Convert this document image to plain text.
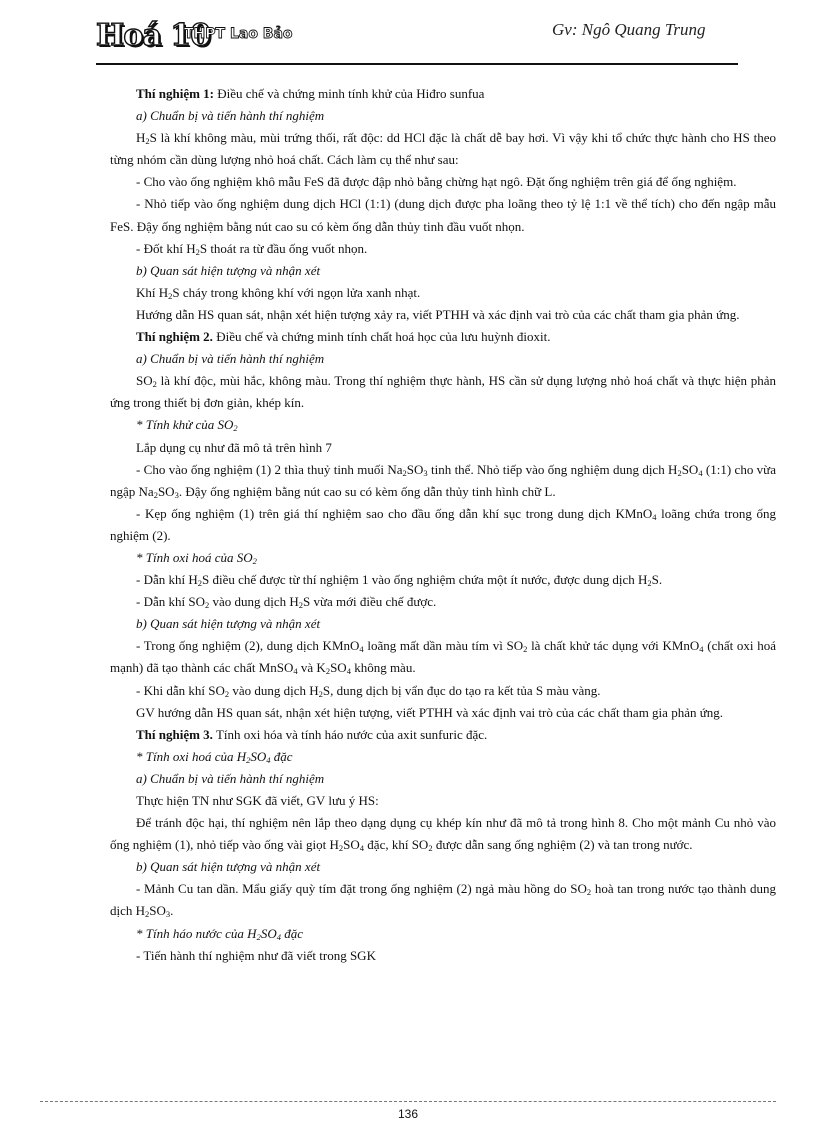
Hoá 10
THPT Lao Bảo	Gv: Ngô Quang Trung

Thí nghiệm 1: Điều chế và chứng minh tính khử của Hiđro sunfua

a) Chuẩn bị và tiến hành thí nghiệm

$H_2S$ là khí không màu, mùi trứng thối, rất độc: dd HCl đặc là chất dễ bay hơi. Vì vậy khi tổ chức thực hành cho HS theo từng nhóm cần dùng lượng nhỏ hoá chất. Cách làm cụ thể như sau:

- Cho vào ống nghiệm khô mẫu FeS đã được đập nhỏ bằng chừng hạt ngô. Đặt ống nghiệm trên giá để ống nghiệm.

- Nhỏ tiếp vào ống nghiệm dung dịch HCl (1:1) (dung dịch được pha loãng theo tỷ lệ 1:1 về thể tích) cho đến ngập mẫu FeS. Đậy ống nghiệm bằng nút cao su có kèm ống dẫn thủy tinh đầu vuốt nhọn.

- Đốt khí $H_2S$ thoát ra từ đầu ống vuốt nhọn.

b) Quan sát hiện tượng và nhận xét

Khí $H_2S$ cháy trong không khí với ngọn lửa xanh nhạt.

Hướng dẫn HS quan sát, nhận xét hiện tượng xảy ra, viết PTHH và xác định vai trò của các chất tham gia phản ứng.

Thí nghiệm 2. Điều chế và chứng minh tính chất hoá học của lưu huỳnh đioxit.

a) Chuẩn bị và tiến hành thí nghiệm

$SO_2$ là khí độc, mùi hắc, không màu. Trong thí nghiệm thực hành, HS cần sử dụng lượng nhỏ hoá chất và thực hiện phản ứng trong thiết bị đơn giản, khép kín.

* Tính khử của $SO_2$

Lắp dụng cụ như đã mô tả trên hình 7

- Cho vào ống nghiệm (1) 2 thìa thuỷ tinh muối $Na_2SO_3$ tinh thể. Nhỏ tiếp vào ống nghiệm dung dịch $H_2SO_4$ (1:1) cho vừa ngập $Na_2SO_3$. Đậy ống nghiệm bằng nút cao su có kèm ống dẫn thủy tinh hình chữ L.

- Kẹp ống nghiệm (1) trên giá thí nghiệm sao cho đầu ống dẫn khí sục trong dung dịch KMnO$_4$ loãng chứa trong ống nghiệm (2).

* Tính oxi hoá của $SO_2$

- Dẫn khí $H_2S$ điều chế được từ thí nghiệm 1 vào ống nghiệm chứa một ít nước, được dung dịch $H_2S$.

- Dẫn khí $SO_2$ vào dung dịch $H_2S$ vừa mới điều chế được.

b) Quan sát hiện tượng và nhận xét

- Trong ống nghiệm (2), dung dịch KMnO$_4$ loãng mất dần màu tím vì $SO_2$ là chất khử tác dụng với KMnO$_4$ (chất oxi hoá mạnh) đã tạo thành các chất MnSO$_4$ và $K_2SO_4$ không màu.

- Khi dẫn khí $SO_2$ vào dung dịch $H_2S$, dung dịch bị vẩn đục do tạo ra kết tủa S màu vàng.

GV hướng dẫn HS quan sát, nhận xét hiện tượng, viết PTHH và xác định vai trò của các chất tham gia phản ứng.

Thí nghiệm 3. Tính oxi hóa và tính háo nước của axit sunfuric đặc.

* Tính oxi hoá của $H_2SO_4$ đặc

a) Chuẩn bị và tiến hành thí nghiệm

Thực hiện TN như SGK đã viết, GV lưu ý HS:

Để tránh độc hại, thí nghiệm nên lắp theo dạng dụng cụ khép kín như đã mô tả trong hình 8. Cho một mảnh Cu nhỏ vào ống nghiệm (1), nhỏ tiếp vào ống vài giọt $H_2SO_4$ đặc, khí $SO_2$ được dẫn sang ống nghiệm (2) và tan trong nước.

b) Quan sát hiện tượng và nhận xét

- Mảnh Cu tan dần. Mẩu giấy quỳ tím đặt trong ống nghiệm (2) ngả màu hồng do $SO_2$ hoà tan trong nước tạo thành dung dịch $H_2SO_3$.

* Tính háo nước của $H_2SO_4$ đặc

- Tiến hành thí nghiệm như đã viết trong SGK

136
